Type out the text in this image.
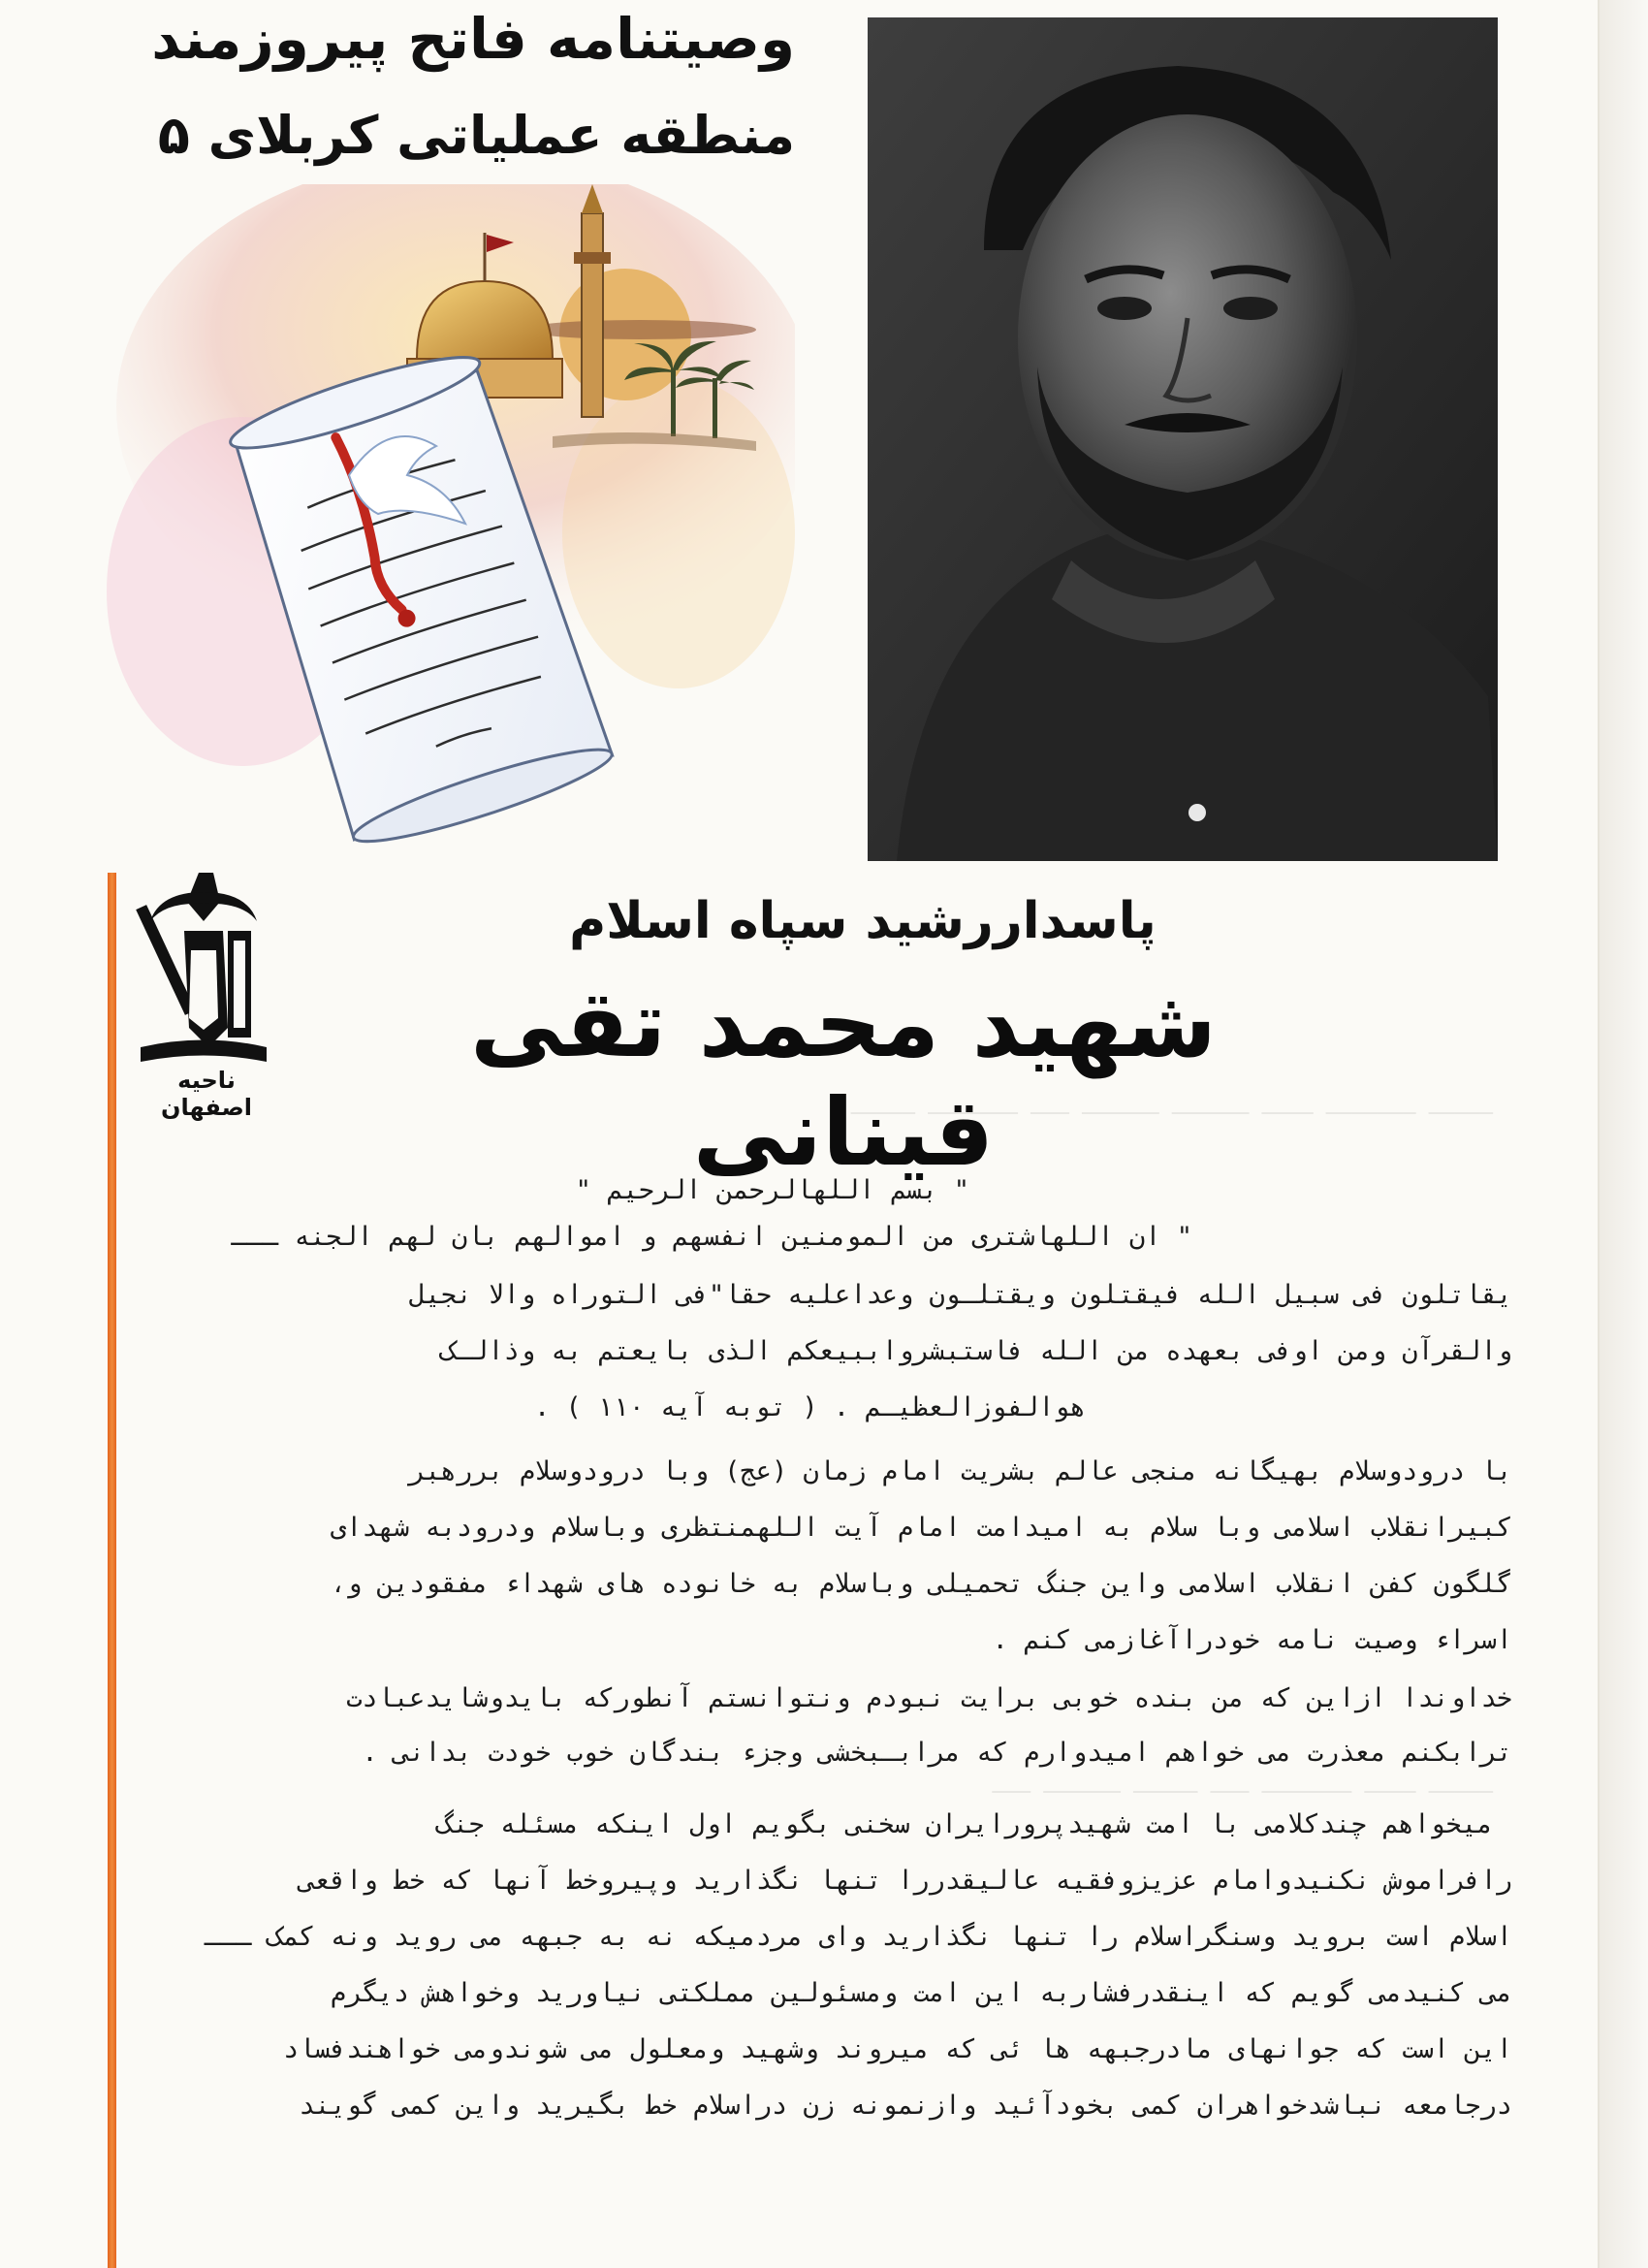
ـــــ ـــــــ ــــ ــــــ ــــــ ـــ ـــــــ ـــــ
ـــــ ــــ ـــــــ ـــ ـــــ ــــــ ـــ
وصیتنامه فاتح پیروزمند
منطقه عملیاتی کربلای ۵
ناحیه اصفهان
پاسداررشید سپاه اسلام
شهید محمد تقی قینانی
" بسم اللهالرحمن الرحیم "
" ان اللهاشتری من المومنین انفسهم و اموالهم بان لهم الجنه ـــ
یقاتلون فی سبیل الله فیقتلون ویقتلـون وعداعلیه حقا"فی التوراه والا نجیل
والقرآن ومن اوفی بعهده من الله فاستبشرواببیعکم الذی بایعتم به وذالـک
هوالفوزالعظیـم . ( توبه آیه ۱۱۰ ) .
با درودوسلام بهیگانه منجی عالم بشریت امام زمان (عج) وبا درودوسلام بررهبر
کبیرانقلاب اسلامی وبا سلام به امیدامت امام آیت اللهمنتظری وباسلام ودرودبه شهدای
گلگون کفن انقلاب اسلامی واین جنگ تحمیلی وباسلام به خانوده های شهداء مفقودین و،
اسراء وصیت نامه خودراآغازمی کنم .
خداوندا ازاین که من بنده خوبی برایت نبودم ونتوانستم آنطورکه بایدوشایدعبادت
ترابکنم معذرت می خواهم امیدوارم که مرابـبخشی وجزء بندگان خوب خودت بدانی .
میخواهم چندکلامی با امت شهیدپرورایران سخنی بگویم اول اینکه مسئله جنگ
رافراموش نکنیدوامام عزیزوفقیه عالیقدررا تنها نگذارید وپیروخط آنها که خط واقعی
اسلام است بروید وسنگراسلام را تنها نگذارید وای مردمیکه نه به جبهه می روید ونه کمک ـــ
می کنیدمی گویم که اینقدرفشاربه این امت ومسئولین مملکتی نیاورید وخواهش دیگرم
این است که جوانهای مادرجبهه ها ئی که میروند وشهید ومعلول می شوندومی خواهندفساد
درجامعه نباشدخواهران کمی بخودآئید وازنمونه زن دراسلام خط بگیرید واین کمی گویند
